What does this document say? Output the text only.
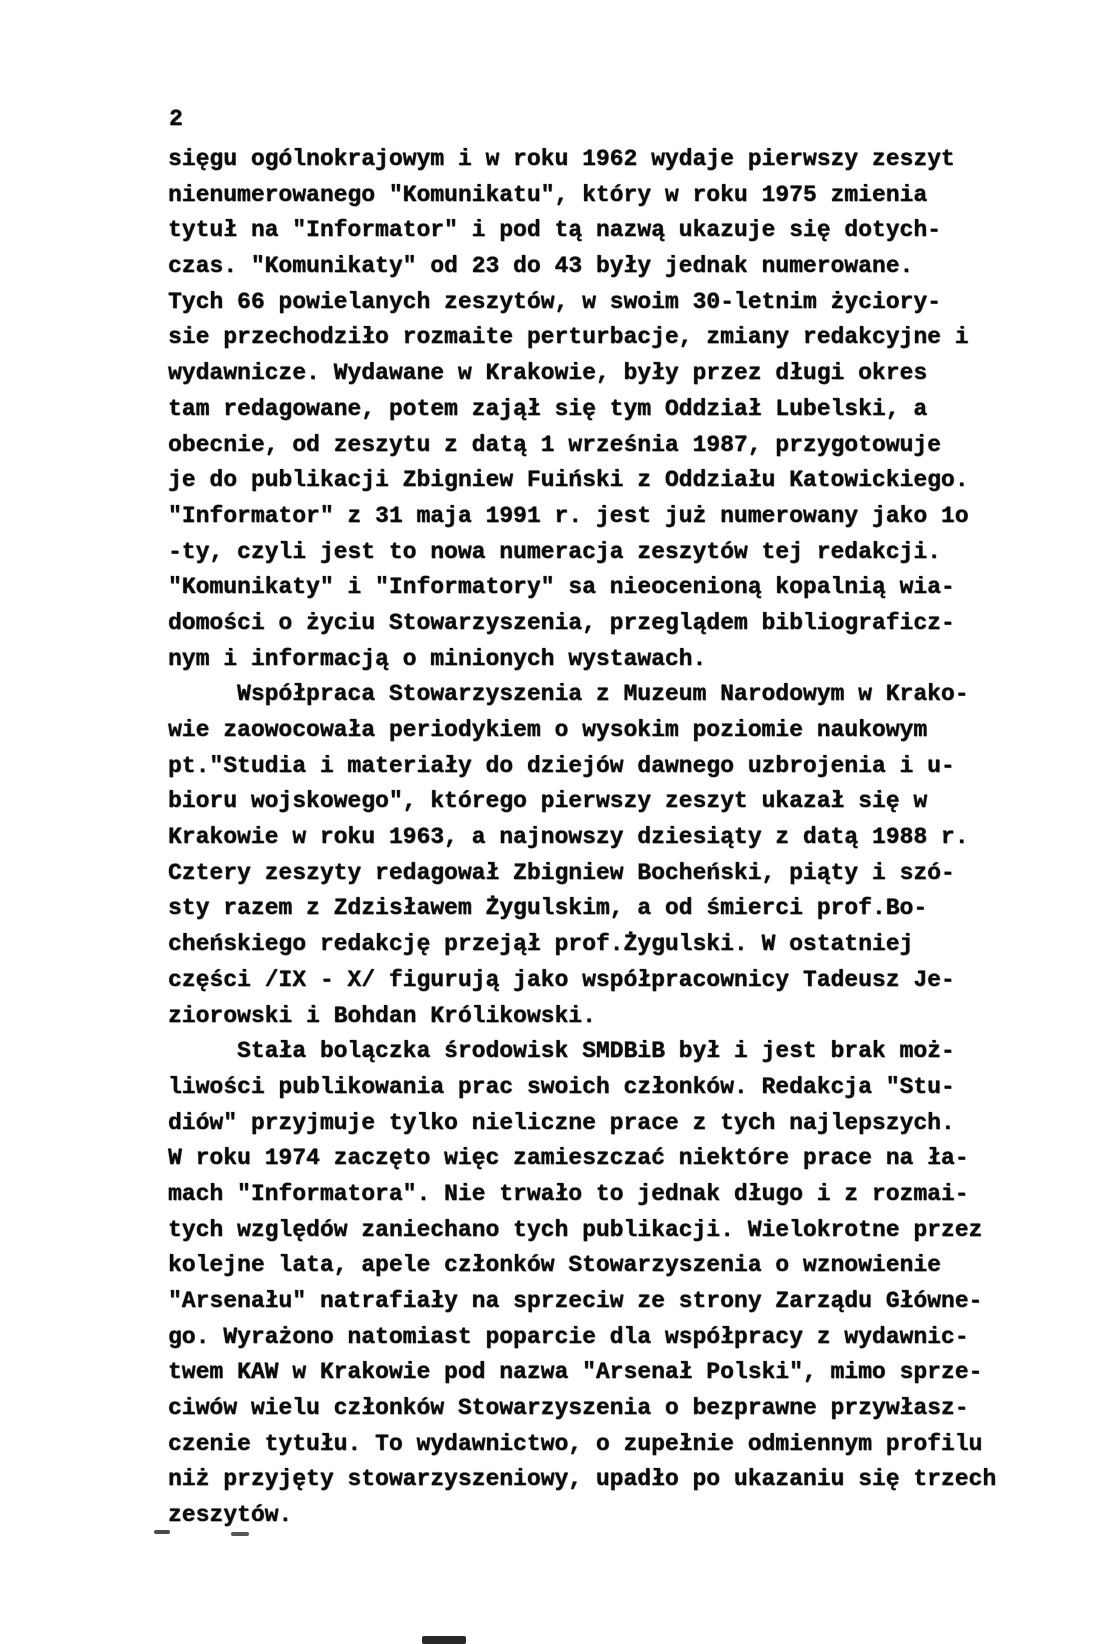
2
sięgu ogólnokrajowym i w roku 1962 wydaje pierwszy zeszyt
nienumerowanego "Komunikatu", który w roku 1975 zmienia
tytuł na "Informator" i pod tą nazwą ukazuje się dotych-
czas. "Komunikaty" od 23 do 43 były jednak numerowane.
Tych 66 powielanych zeszytów, w swoim 30-letnim życiory-
sie przechodziło rozmaite perturbacje, zmiany redakcyjne i
wydawnicze. Wydawane w Krakowie, były przez długi okres
tam redagowane, potem zajął się tym Oddział Lubelski, a
obecnie, od zeszytu z datą 1 września 1987, przygotowuje
je do publikacji Zbigniew Fuiński z Oddziału Katowickiego.
"Informator" z 31 maja 1991 r. jest już numerowany jako 1o
-ty, czyli jest to nowa numeracja zeszytów tej redakcji.
"Komunikaty" i "Informatory" sa nieocenioną kopalnią wia-
domości o życiu Stowarzyszenia, przeglądem bibliograficz-
nym i informacją o minionych wystawach.
Współpraca Stowarzyszenia z Muzeum Narodowym w Krako-
wie zaowocowała periodykiem o wysokim poziomie naukowym
pt."Studia i materiały do dziejów dawnego uzbrojenia i u-
bioru wojskowego", którego pierwszy zeszyt ukazał się w
Krakowie w roku 1963, a najnowszy dziesiąty z datą 1988 r.
Cztery zeszyty redagował Zbigniew Bocheński, piąty i szó-
sty razem z Zdzisławem Żygulskim, a od śmierci prof.Bo-
cheńskiego redakcję przejął prof.Żygulski. W ostatniej
części /IX - X/ figurują jako współpracownicy Tadeusz Je-
ziorowski i Bohdan Królikowski.
Stała bolączka środowisk SMDBiB był i jest brak moż-
liwości publikowania prac swoich członków. Redakcja "Stu-
diów" przyjmuje tylko nieliczne prace z tych najlepszych.
W roku 1974 zaczęto więc zamieszczać niektóre prace na ła-
mach "Informatora". Nie trwało to jednak długo i z rozmai-
tych względów zaniechano tych publikacji. Wielokrotne przez
kolejne lata, apele członków Stowarzyszenia o wznowienie
"Arsenału" natrafiały na sprzeciw ze strony Zarządu Główne-
go. Wyrażono natomiast poparcie dla współpracy z wydawnic-
twem KAW w Krakowie pod nazwa "Arsenał Polski", mimo sprze-
ciwów wielu członków Stowarzyszenia o bezprawne przywłasz-
czenie tytułu. To wydawnictwo, o zupełnie odmiennym profilu
niż przyjęty stowarzyszeniowy, upadło po ukazaniu się trzech
zeszytów.
